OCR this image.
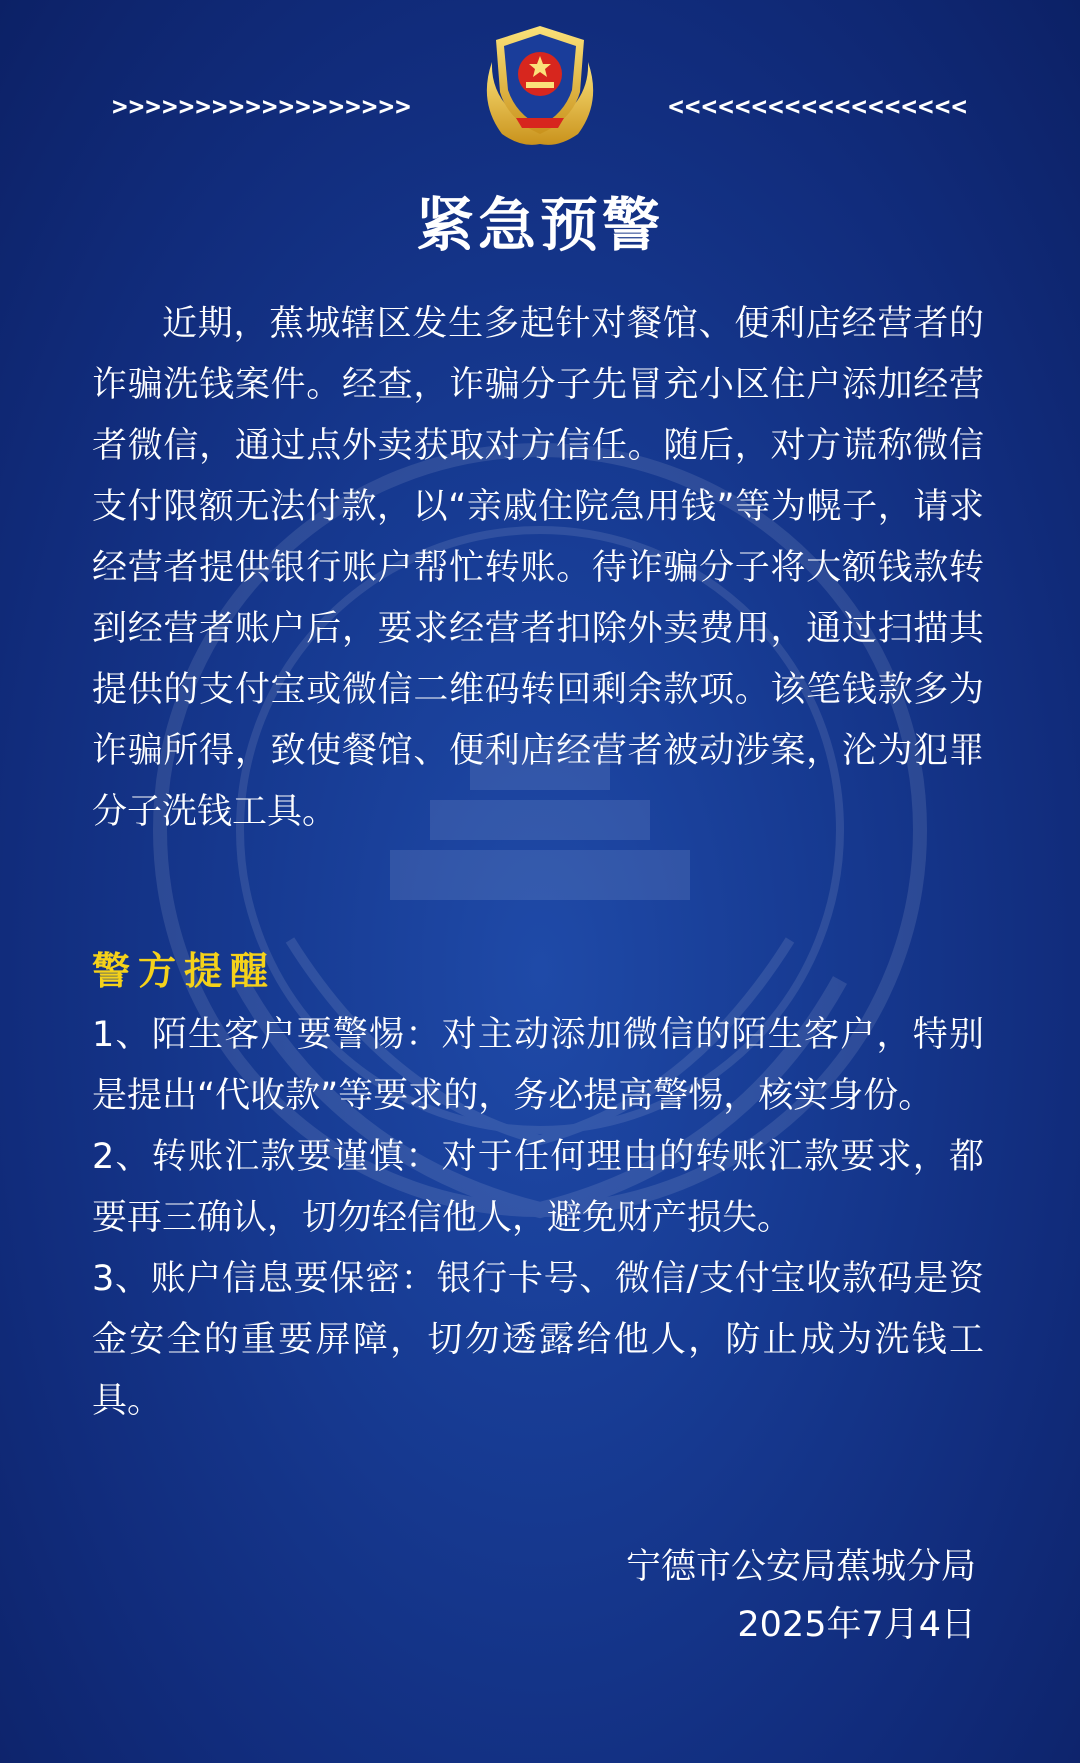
>>>>>>>>>>>>>>>>>>	<<<<<<<<<<<<<<<<<<
紧急预警
近期，蕉城辖区发生多起针对餐馆、便利店经营者的诈骗洗钱案件。经查，诈骗分子先冒充小区住户添加经营者微信，通过点外卖获取对方信任。随后，对方谎称微信支付限额无法付款，以“亲戚住院急用钱”等为幌子，请求经营者提供银行账户帮忙转账。待诈骗分子将大额钱款转到经营者账户后，要求经营者扣除外卖费用，通过扫描其提供的支付宝或微信二维码转回剩余款项。该笔钱款多为诈骗所得，致使餐馆、便利店经营者被动涉案，沦为犯罪分子洗钱工具。
警方提醒

1、陌生客户要警惕：对主动添加微信的陌生客户，特别是提出“代收款”等要求的，务必提高警惕，核实身份。

2、转账汇款要谨慎：对于任何理由的转账汇款要求，都要再三确认，切勿轻信他人，避免财产损失。

3、账户信息要保密：银行卡号、微信/支付宝收款码是资金安全的重要屏障，切勿透露给他人，防止成为洗钱工具。

宁德市公安局蕉城分局
2025年7月4日
